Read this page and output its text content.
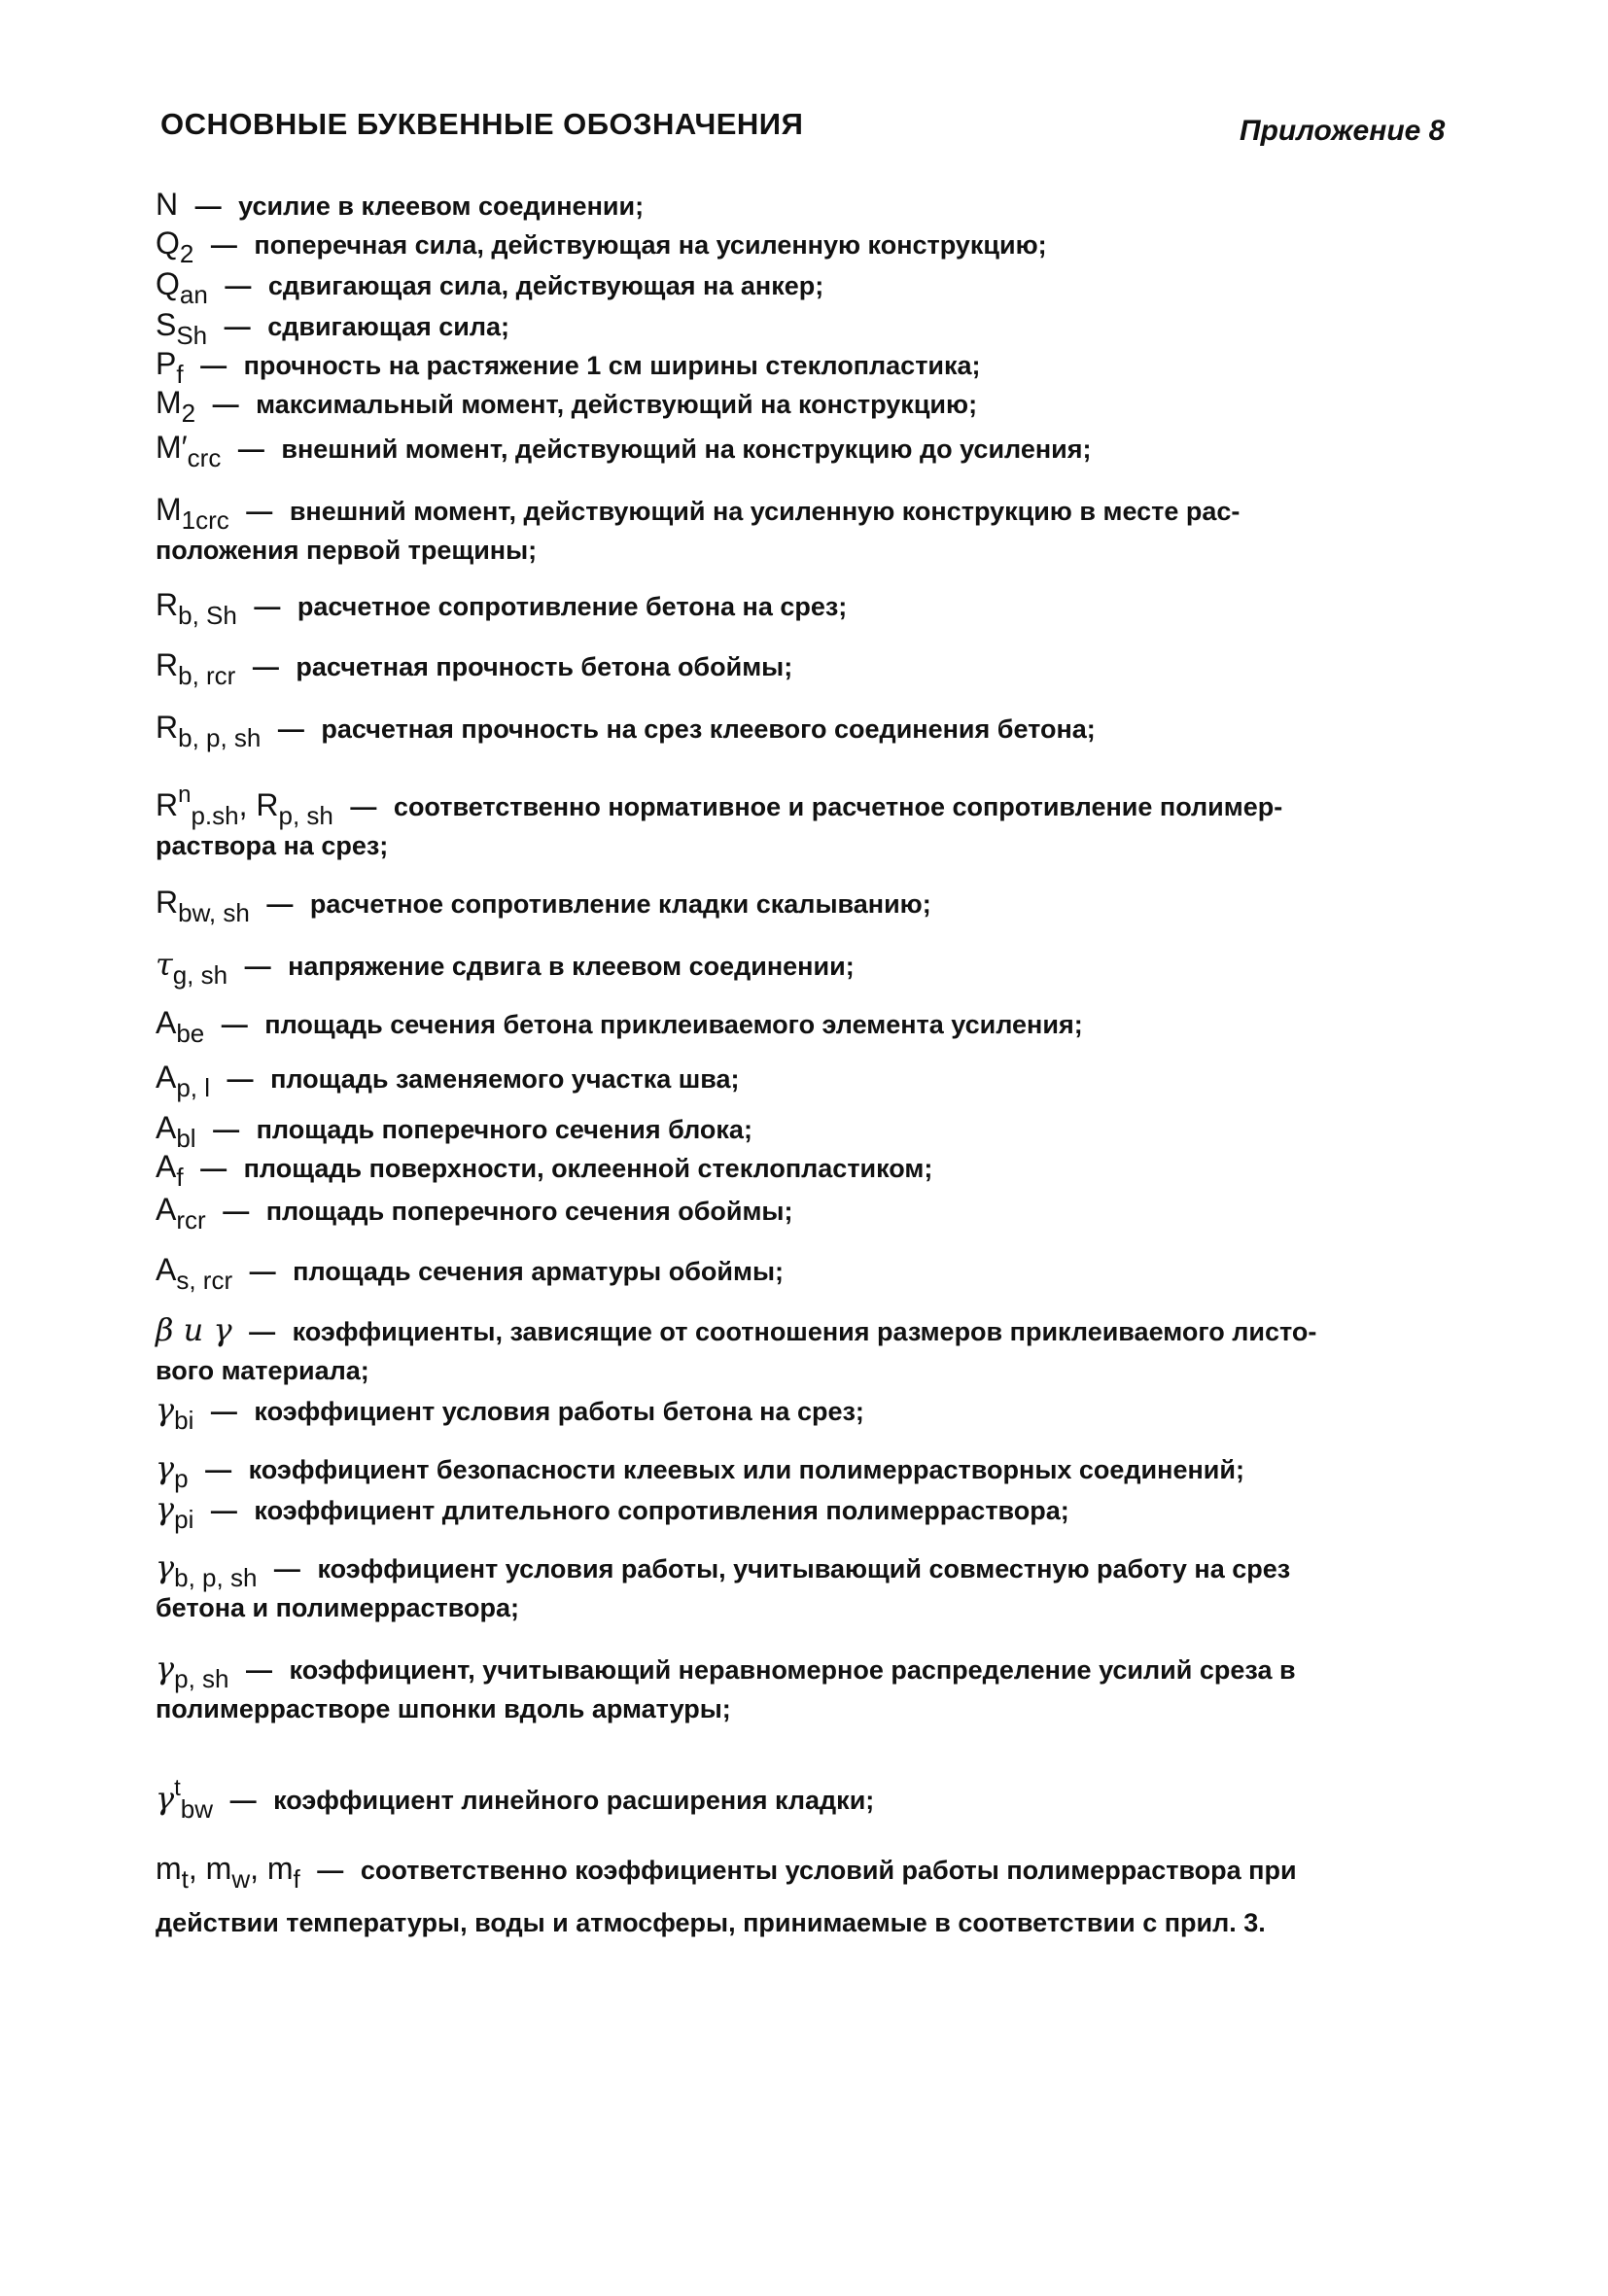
ОСНОВНЫЕ БУКВЕННЫЕ ОБОЗНАЧЕНИЯ	Приложение 8
N — усилие в клеевом соединении;
$Q_2$ — поперечная сила, действующая на усиленную конструкцию;
$Q_{an}$ — сдвигающая сила, действующая на анкер;
$S_{Sh}$ — сдвигающая сила;
$P_f$ — прочность на растяжение 1 см ширины стеклопластика;
$M_2$ — максимальный момент, действующий на конструкцию;
$M'_{crc}$ — внешний момент, действующий на конструкцию до усиления;
$M_{1crc}$ — внешний момент, действующий на усиленную конструкцию в месте рас-
положения первой трещины;
$R_{b, Sh}$ — расчетное сопротивление бетона на срез;
$R_{b, rcr}$ — расчетная прочность бетона обоймы;
$R_{b, p, sh}$ — расчетная прочность на срез клеевого соединения бетона;
$R^n_{p.sh}$, $R_{p, sh}$ — соответственно нормативное и расчетное сопротивление полимер-
раствора на срез;
$R_{bw, sh}$ — расчетное сопротивление кладки скалыванию;
$\tau_{g, sh}$ — напряжение сдвига в клеевом соединении;
$A_{be}$ — площадь сечения бетона приклеиваемого элемента усиления;
$A_{p, l}$ — площадь заменяемого участка шва;
$A_{bl}$ — площадь поперечного сечения блока;
$A_f$ — площадь поверхности, оклеенной стеклопластиком;
$A_{rcr}$ — площадь поперечного сечения обоймы;
$A_{s, rcr}$ — площадь сечения арматуры обоймы;
β и γ — коэффициенты, зависящие от соотношения размеров приклеиваемого листо-
вого материала;
$\gamma_{bi}$ — коэффициент условия работы бетона на срез;
$\gamma_p$ — коэффициент безопасности клеевых или полимеррастворных соединений;
$\gamma_{pi}$ — коэффициент длительного сопротивления полимерраствора;
$\gamma_{b, p, sh}$ — коэффициент условия работы, учитывающий совместную работу на срез
бетона и полимерраствора;
$\gamma_{p, sh}$ — коэффициент, учитывающий неравномерное распределение усилий среза в
полимеррастворе шпонки вдоль арматуры;
$\gamma^t_{bw}$ — коэффициент линейного расширения кладки;
$m_t$, $m_w$, $m_f$ — соответственно коэффициенты условий работы полимерраствора при
действии температуры, воды и атмосферы, принимаемые в соответствии с прил. 3.
